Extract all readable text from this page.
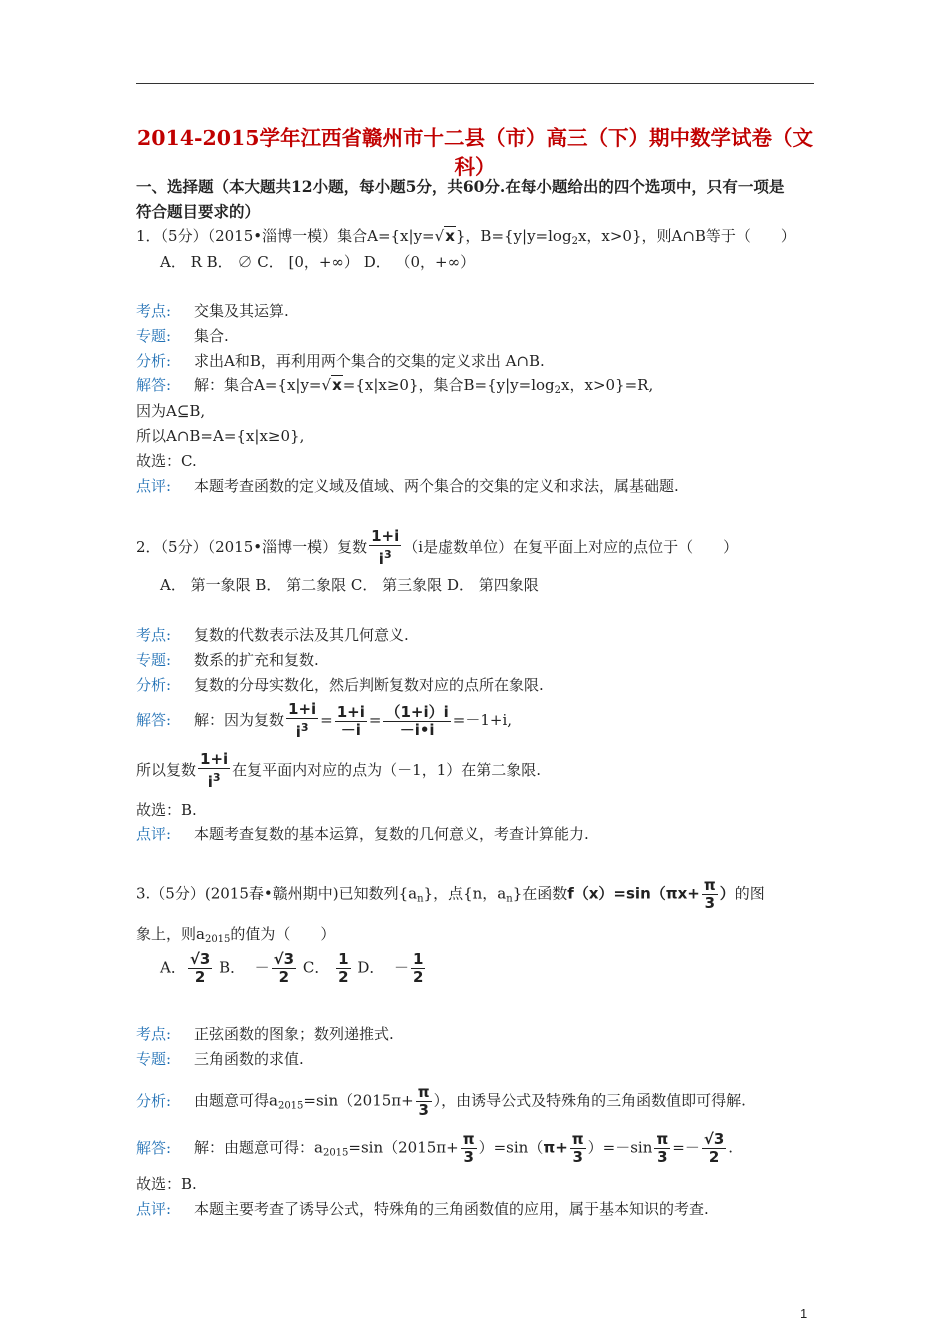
2014-2015学年江西省赣州市十二县（市）高三（下）期中数学试卷（文科）
一、选择题（本大题共12小题，每小题5分，共60分.在每小题给出的四个选项中，只有一项是
符合题目要求的）
1．（5分）（2015•淄博一模）集合A={x|y=√x}，$B=\{y|y=\log_2x$，x>0}，则A∩B等于（　　）
A． R B． ∅ C． [0，+∞） D． （0，+∞）
考点: 交集及其运算.
专题: 集合.
分析: 求出A和B，再利用两个集合的交集的定义求出 A∩B.
解答: 解：集合A={x|y=√x={x|x≥0}，集合$B=\{y|y=\log_2x$，x>0}=R,
因为A⊆B,
所以A∩B=A={x|x≥0},
故选：C.
点评: 本题考查函数的定义域及值域、两个集合的交集的定义和求法，属基础题.
2．（5分）（2015•淄博一模）复数 $\frac{1+i}{i^3} (i$是虚数单位）在复平面上对应的点位于（　　）
A． 第一象限 B． 第二象限 C． 第三象限 D． 第四象限
考点: 复数的代数表示法及其几何意义.
专题: 数系的扩充和复数.
分析: 复数的分母实数化，然后判断复数对应的点所在象限.
解答: 解：因为复数 $\frac{1+i}{i^3} = \frac{1+i}{-i} = \frac{(1+i)i}{-i•i} =-1+i$,
所以复数 $\frac{1+i}{i^3}$ 在复平面内对应的点为（－1，1）在第二象限.
故选：B.
点评: 本题考查复数的基本运算，复数的几何意义，考查计算能力.
3.（5分）(2015春•赣州期中)已知数列$\{a_n\}$，点{n，$a_n$}在函数$f(x)=\sin(\pi x+ \frac{\pi}{3}$ ）的图
象上，则$a_{2015}$的值为（　　）
A． $\frac{√3}{2}$ B． － $\frac{√3}{2}$ C． $\frac{1}{2}$ D． － $\frac{1}{2}$
考点: 正弦函数的图象；数列递推式.
专题: 三角函数的求值.
分析: 由题意可得$a_{2015}=\sin(2015\pi+ \frac{\pi}{3}$ ），由诱导公式及特殊角的三角函数值即可得解.
解答: 解：由题意可得：$a_{2015}=\sin(2015\pi+ \frac{\pi}{3} )=\sin(\pi+ \frac{\pi}{3} )=-\sin \frac{\pi}{3} =- \frac{√3}{2}$ .
故选：B.
点评: 本题主要考查了诱导公式，特殊角的三角函数值的应用，属于基本知识的考查.
1
